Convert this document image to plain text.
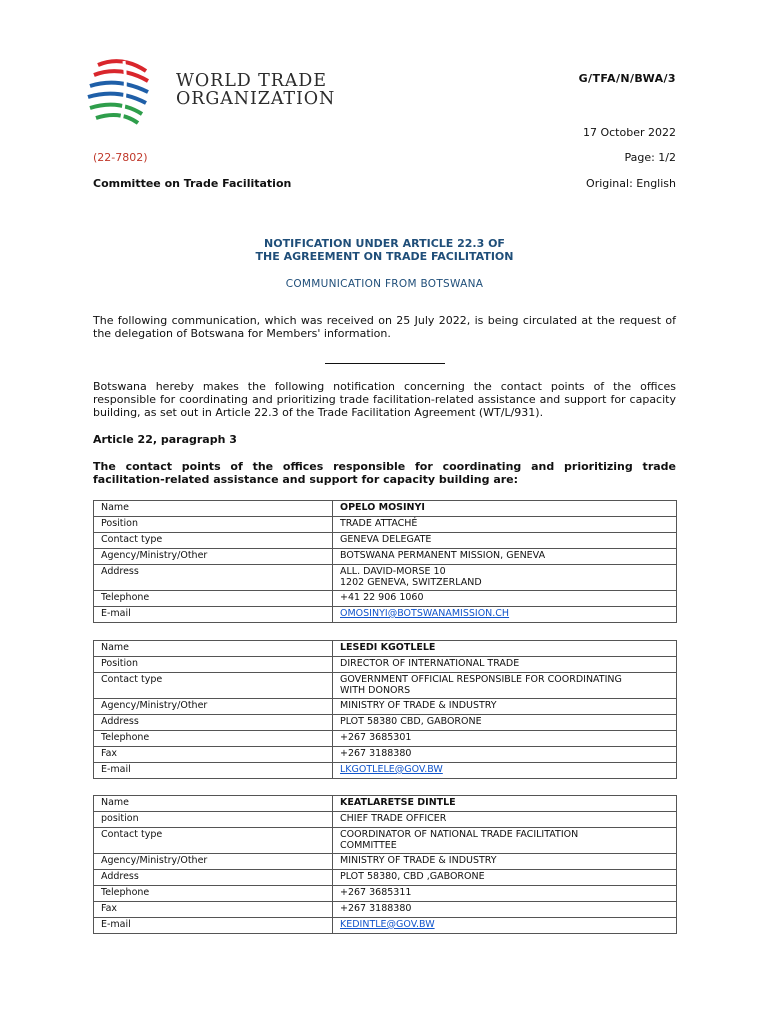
WORLD TRADE
ORGANIZATION
G/TFA/N/BWA/3
17 October 2022
(22-7802)	Page: 1/2
Committee on Trade Facilitation	Original: English
NOTIFICATION UNDER ARTICLE 22.3 OF
THE AGREEMENT ON TRADE FACILITATION
COMMUNICATION FROM BOTSWANA
The following communication, which was received on 25 July 2022, is being circulated at the request of the delegation of Botswana for Members' information.
Botswana hereby makes the following notification concerning the contact points of the offices responsible for coordinating and prioritizing trade facilitation-related assistance and support for capacity building, as set out in Article 22.3 of the Trade Facilitation Agreement (WT/L/931).
Article 22, paragraph 3
The contact points of the offices responsible for coordinating and prioritizing trade facilitation-related assistance and support for capacity building are:
Name	OPELO MOSINYI
Position	TRADE ATTACHÉ
Contact type	GENEVA DELEGATE
Agency/Ministry/Other	BOTSWANA PERMANENT MISSION, GENEVA
Address	ALL. DAVID-MORSE 10
1202 GENEVA, SWITZERLAND

Telephone	+41 22 906 1060
E-mail	OMOSINYI@BOTSWANAMISSION.CH
Name	LESEDI KGOTLELE
Position	DIRECTOR OF INTERNATIONAL TRADE
Contact type	GOVERNMENT OFFICIAL RESPONSIBLE FOR COORDINATING
WITH DONORS

Agency/Ministry/Other	MINISTRY OF TRADE & INDUSTRY
Address	PLOT 58380 CBD, GABORONE
Telephone	+267 3685301
Fax	+267 3188380
E-mail	LKGOTLELE@GOV.BW
Name	KEATLARETSE DINTLE
position	CHIEF TRADE OFFICER
Contact type	COORDINATOR OF NATIONAL TRADE FACILITATION
COMMITTEE

Agency/Ministry/Other	MINISTRY OF TRADE & INDUSTRY
Address	PLOT 58380, CBD ,GABORONE
Telephone	+267 3685311
Fax	+267 3188380
E-mail	KEDINTLE@GOV.BW
